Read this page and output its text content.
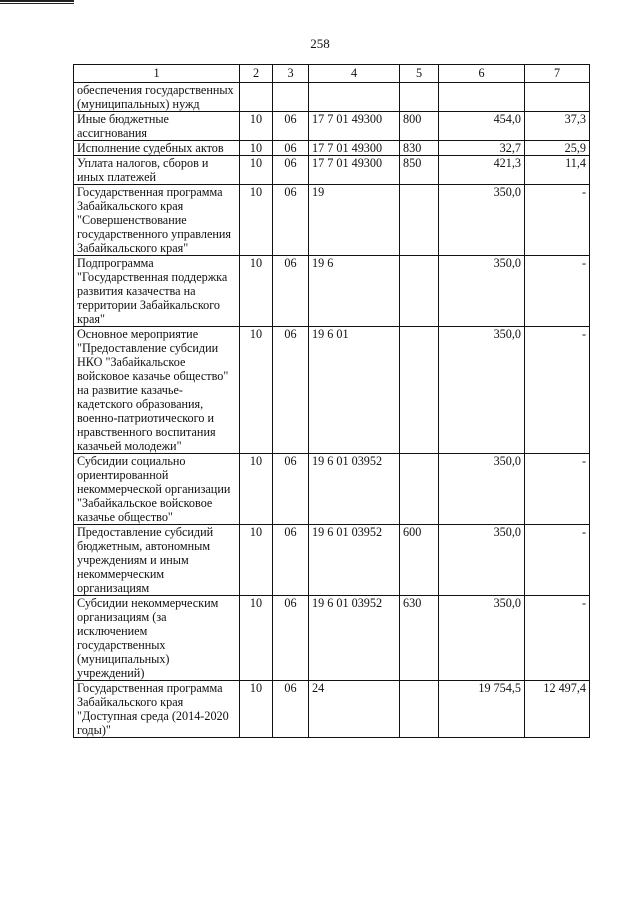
258
1	2	3	4	5	6	7
обеспечения государственных (муниципальных) нужд						
Иные бюджетные ассигнования	10	06	17 7 01 49300	800	454,0	37,3
Исполнение судебных актов	10	06	17 7 01 49300	830	32,7	25,9
Уплата налогов, сборов и иных платежей	10	06	17 7 01 49300	850	421,3	11,4
Государственная программа Забайкальского края "Совершенствование государственного управления Забайкальского края"	10	06	19		350,0	-
Подпрограмма "Государственная поддержка развития казачества на территории Забайкальского края"	10	06	19 6		350,0	-
Основное мероприятие "Предоставление субсидии НКО "Забайкальское войсковое казачье общество" на развитие казачье-кадетского образования, военно-патриотического и нравственного воспитания казачьей молодежи"	10	06	19 6 01		350,0	-
Субсидии социально ориентированной некоммерческой организации "Забайкальское войсковое казачье общество"	10	06	19 6 01 03952		350,0	-
Предоставление субсидий бюджетным, автономным учреждениям и иным некоммерческим организациям	10	06	19 6 01 03952	600	350,0	-
Субсидии некоммерческим организациям (за исключением государственных (муниципальных) учреждений)	10	06	19 6 01 03952	630	350,0	-
Государственная программа Забайкальского края "Доступная среда (2014-2020 годы)"	10	06	24		19 754,5	12 497,4
